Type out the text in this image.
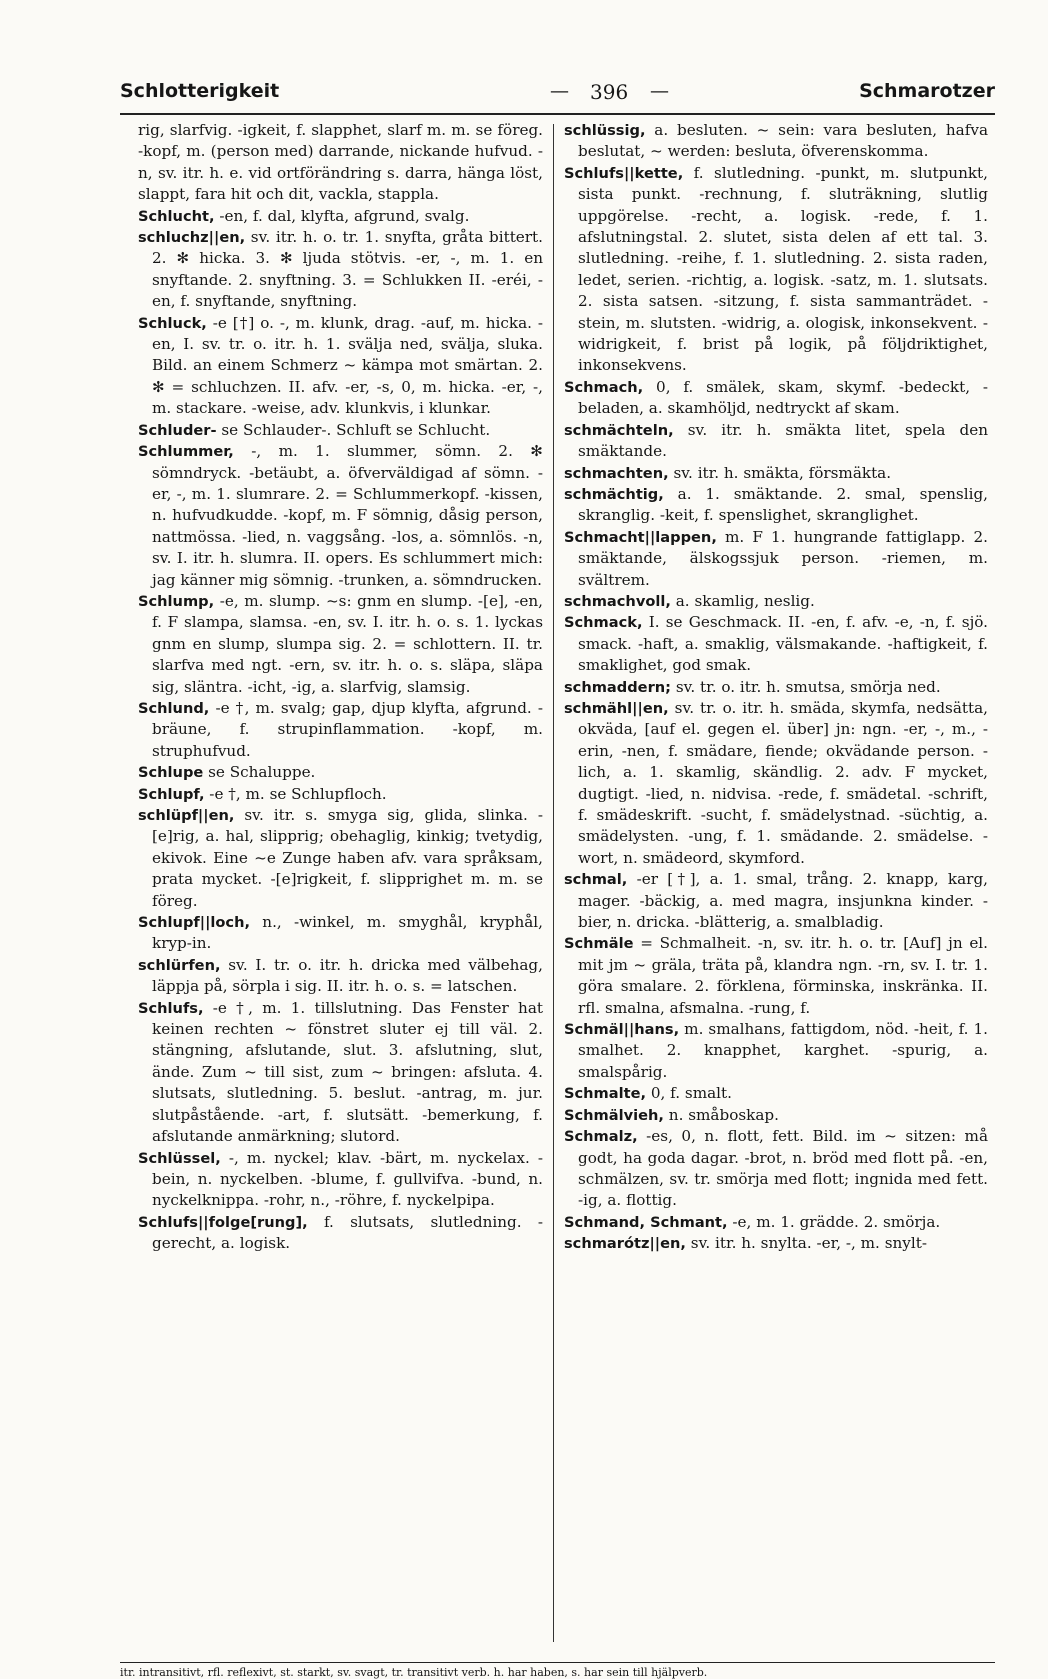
Schlotterigkeit	— 396 —	Schmarotzer
rig, slarfvig. -igkeit, f. slapphet, slarf m. m. se föreg. -kopf, m. (person med) darrande, nickande hufvud. -n, sv. itr. h. e. vid ortförändring s. darra, hänga löst, slappt, fara hit och dit, vackla, stappla.
Schlucht, -en, f. dal, klyfta, afgrund, svalg.
schluchz||en, sv. itr. h. o. tr. 1. snyfta, gråta bittert. 2. ✻ hicka. 3. ✻ ljuda stötvis. -er, -, m. 1. en snyftande. 2. snyftning. 3. = Schlukken II. -eréi, -en, f. snyftande, snyftning.
Schluck, -e [†] o. -, m. klunk, drag. -auf, m. hicka. -en, I. sv. tr. o. itr. h. 1. svälja ned, svälja, sluka. Bild. an einem Schmerz ~ kämpa mot smärtan. 2. ✻ = schluchzen. II. afv. -er, -s, 0, m. hicka. -er, -, m. stackare. -weise, adv. klunkvis, i klunkar.
Schluder- se Schlauder-. Schluft se Schlucht.
Schlummer, -, m. 1. slummer, sömn. 2. ✻ sömndryck. -betäubt, a. öfverväldigad af sömn. -er, -, m. 1. slumrare. 2. = Schlummerkopf. -kissen, n. hufvudkudde. -kopf, m. F sömnig, dåsig person, nattmössa. -lied, n. vaggsång. -los, a. sömnlös. -n, sv. I. itr. h. slumra. II. opers. Es schlummert mich: jag känner mig sömnig. -trunken, a. sömndrucken.
Schlump, -e, m. slump. ~s: gnm en slump. -[e], -en, f. F slampa, slamsa. -en, sv. I. itr. h. o. s. 1. lyckas gnm en slump, slumpa sig. 2. = schlottern. II. tr. slarfva med ngt. -ern, sv. itr. h. o. s. släpa, släpa sig, släntra. -icht, -ig, a. slarfvig, slamsig.
Schlund, -e †, m. svalg; gap, djup klyfta, afgrund. -bräune, f. strupinflammation. -kopf, m. struphufvud.
Schlupe se Schaluppe.
Schlupf, -e †, m. se Schlupfloch.
schlüpf||en, sv. itr. s. smyga sig, glida, slinka. -[e]rig, a. hal, slipprig; obehaglig, kinkig; tvetydig, ekivok. Eine ~e Zunge haben afv. vara språksam, prata mycket. -[e]rigkeit, f. slipprighet m. m. se föreg.
Schlupf||loch, n., -winkel, m. smyghål, kryphål, kryp-in.
schlürfen, sv. I. tr. o. itr. h. dricka med välbehag, läppja på, sörpla i sig. II. itr. h. o. s. = latschen.
Schlufs, -e †, m. 1. tillslutning. Das Fenster hat keinen rechten ~ fönstret sluter ej till väl. 2. stängning, afslutande, slut. 3. afslutning, slut, ände. Zum ~ till sist, zum ~ bringen: afsluta. 4. slutsats, slutledning. 5. beslut. -antrag, m. jur. slutpåstående. -art, f. slutsätt. -bemerkung, f. afslutande anmärkning; slutord.
Schlüssel, -, m. nyckel; klav. -bärt, m. nyckelax. -bein, n. nyckelben. -blume, f. gullvifva. -bund, n. nyckelknippa. -rohr, n., -röhre, f. nyckelpipa.
Schlufs||folge[rung], f. slutsats, slutledning. -gerecht, a. logisk.
schlüssig, a. besluten. ~ sein: vara besluten, hafva beslutat, ~ werden: besluta, öfverenskomma.
Schlufs||kette, f. slutledning. -punkt, m. slutpunkt, sista punkt. -rechnung, f. sluträkning, slutlig uppgörelse. -recht, a. logisk. -rede, f. 1. afslutningstal. 2. slutet, sista delen af ett tal. 3. slutledning. -reihe, f. 1. slutledning. 2. sista raden, ledet, serien. -richtig, a. logisk. -satz, m. 1. slutsats. 2. sista satsen. -sitzung, f. sista sammanträdet. -stein, m. slutsten. -widrig, a. ologisk, inkonsekvent. -widrigkeit, f. brist på logik, på följdriktighet, inkonsekvens.
Schmach, 0, f. smälek, skam, skymf. -bedeckt, -beladen, a. skamhöljd, nedtryckt af skam.
schmächteln, sv. itr. h. smäkta litet, spela den smäktande.
schmachten, sv. itr. h. smäkta, försmäkta.
schmächtig, a. 1. smäktande. 2. smal, spenslig, skranglig. -keit, f. spenslighet, skranglighet.
Schmacht||lappen, m. F 1. hungrande fattiglapp. 2. smäktande, älskogssjuk person. -riemen, m. svältrem.
schmachvoll, a. skamlig, neslig.
Schmack, I. se Geschmack. II. -en, f. afv. -e, -n, f. sjö. smack. -haft, a. smaklig, välsmakande. -haftigkeit, f. smaklighet, god smak.
schmaddern; sv. tr. o. itr. h. smutsa, smörja ned.
schmähl||en, sv. tr. o. itr. h. smäda, skymfa, nedsätta, okväda, [auf el. gegen el. über] jn: ngn. -er, -, m., -erin, -nen, f. smädare, fiende; okvädande person. -lich, a. 1. skamlig, skändlig. 2. adv. F mycket, dugtigt. -lied, n. nidvisa. -rede, f. smädetal. -schrift, f. smädeskrift. -sucht, f. smädelystnad. -süchtig, a. smädelysten. -ung, f. 1. smädande. 2. smädelse. -wort, n. smädeord, skymford.
schmal, -er [†], a. 1. smal, trång. 2. knapp, karg, mager. -bäckig, a. med magra, insjunkna kinder. -bier, n. dricka. -blätterig, a. smalbladig.
Schmäle = Schmalheit. -n, sv. itr. h. o. tr. [Auf] jn el. mit jm ~ gräla, träta på, klandra ngn. -rn, sv. I. tr. 1. göra smalare. 2. förklena, förminska, inskränka. II. rfl. smalna, afsmalna. -rung, f.
Schmäl||hans, m. smalhans, fattigdom, nöd. -heit, f. 1. smalhet. 2. knapphet, karghet. -spurig, a. smalspårig.
Schmalte, 0, f. smalt.
Schmälvieh, n. småboskap.
Schmalz, -es, 0, n. flott, fett. Bild. im ~ sitzen: må godt, ha goda dagar. -brot, n. bröd med flott på. -en, schmälzen, sv. tr. smörja med flott; ingnida med fett. -ig, a. flottig.
Schmand, Schmant, -e, m. 1. grädde. 2. smörja.
schmarótz||en, sv. itr. h. snylta. -er, -, m. snylt-
itr. intransitivt, rfl. reflexivt, st. starkt, sv. svagt, tr. transitivt verb. h. har haben, s. har sein till hjälpverb.
